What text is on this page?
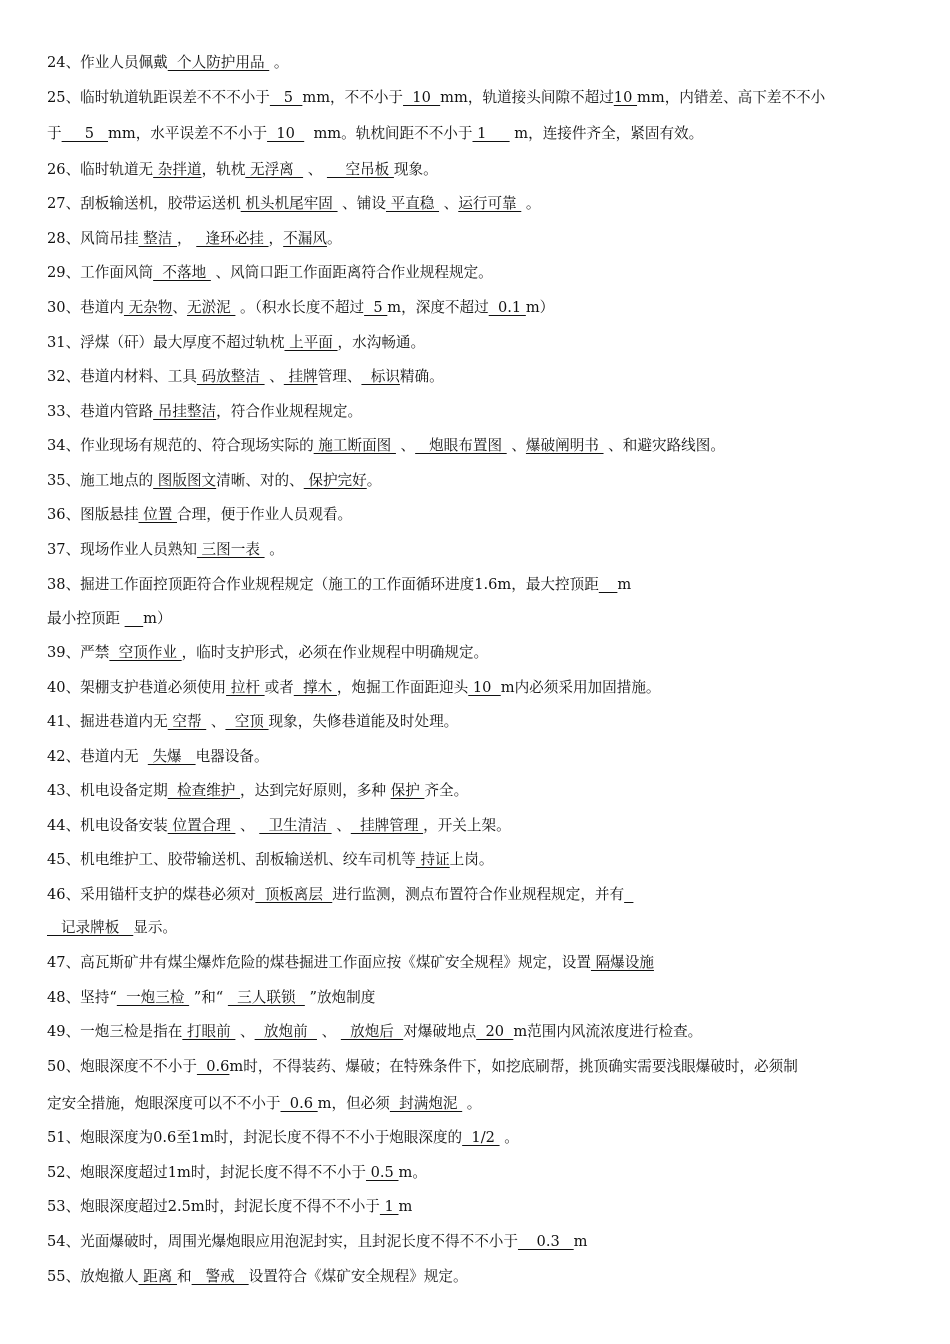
24、作业人员佩戴  个人防护用品  。
25、临时轨道轨距误差不不不小于   5  mm，不不小于  10  mm，轨道接头间隙不超过10 mm，内错差、高下差不不小
于     5   mm，水平误差不不小于  10    mm。轨枕间距不不小于 1      m，连接件齐全，紧固有效。
26、临时轨道无 杂拌道，轨枕 无浮离   、     空吊板 现象。
27、刮板输送机，胶带运送机 机头机尾牢固  、铺设 平直稳  、运行可靠  。
28、风筒吊挂 整洁 ，   逢环必挂 ，不漏风。
29、工作面风筒  不落地  、风筒口距工作面距离符合作业规程规定。
30、巷道内 无杂物、无淤泥  。（积水长度不超过  5 m，深度不超过  0.1 m）
31、浮煤（矸）最大厚度不超过轨枕 上平面 ，水沟畅通。
32、巷道内材料、工具 码放整洁  、 挂牌管理、  标识精确。
33、巷道内管路 吊挂整洁，符合作业规程规定。
34、作业现场有规范的、符合现场实际的 施工断面图  、   炮眼布置图  、爆破阐明书  、和避灾路线图。
35、施工地点的 图版图文清晰、对的、 保护完好。
36、图版悬挂 位置 合理，便于作业人员观看。
37、现场作业人员熟知 三图一表  。
38、掘进工作面控顶距符合作业规程规定（施工的工作面循环进度1.6m，最大控顶距 m
最小控顶距     m）
39、严禁  空顶作业 ，临时支护形式，必须在作业规程中明确规定。
40、架棚支护巷道必须使用 拉杆 或者  撑木 ，炮掘工作面距迎头 10  m内必须采用加固措施。
41、掘进巷道内无 空帮  、  空顶 现象，失修巷道能及时处理。
42、巷道内无   失爆   电器设备。
43、机电设备定期  检查维护 ，达到完好原则，多种 保护 齐全。
44、机电设备安装 位置合理  、   卫生清洁  、  挂牌管理 ，开关上架。
45、机电维护工、胶带输送机、刮板输送机、绞车司机等 持证上岗。
46、采用锚杆支护的煤巷必须对  顶板离层  进行监测，测点布置符合作业规程规定，并有
记录牌板   显示。
47、高瓦斯矿井有煤尘爆炸危险的煤巷掘进工作面应按《煤矿安全规程》规定，设置 隔爆设施
48、坚持“  一炮三检  ”和“   三人联锁   ”放炮制度
49、一炮三检是指在 打眼前  、  放炮前   、   放炮后  对爆破地点  20  m范围内风流浓度进行检查。
50、炮眼深度不不小于  0.6m时，不得装药、爆破；在特殊条件下，如挖底刷帮，挑顶确实需要浅眼爆破时，必须制
定安全措施，炮眼深度可以不不小于  0.6 m，但必须  封满炮泥  。
51、炮眼深度为0.6至1m时，封泥长度不得不不小于炮眼深度的  1/2  。
52、炮眼深度超过1m时，封泥长度不得不不小于 0.5 m。
53、炮眼深度超过2.5m时，封泥长度不得不不小于 1 m
54、光面爆破时，周围光爆炮眼应用泡泥封实，且封泥长度不得不不小于    0.3   m
55、放炮撤人 距离 和   警戒   设置符合《煤矿安全规程》规定。
